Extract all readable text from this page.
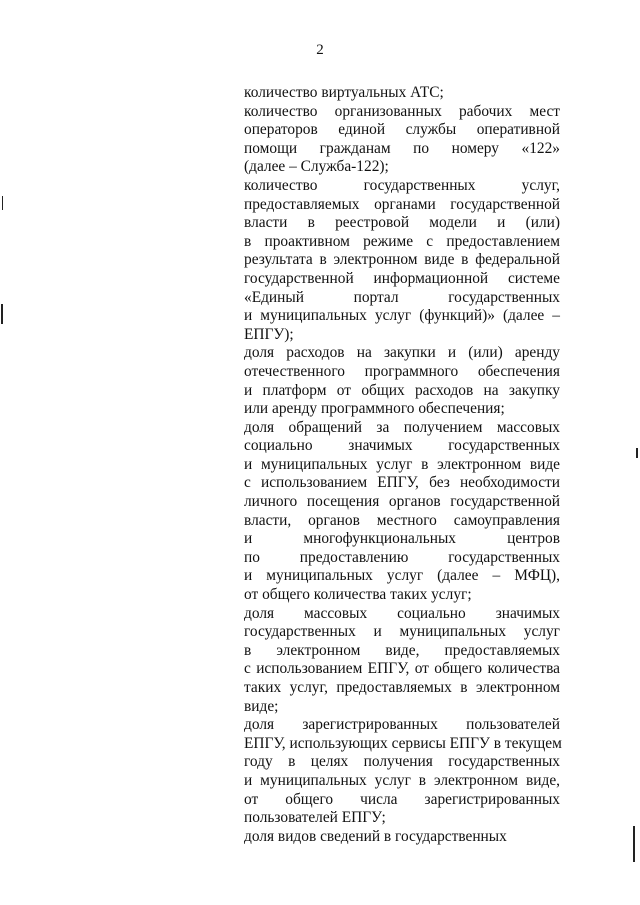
2
количество виртуальных АТС;
количество организованных рабочих мест
операторов единой службы оперативной
помощи гражданам по номеру «122»
(далее – Служба-122);
количество государственных услуг,
предоставляемых органами государственной
власти в реестровой модели и (или)
в проактивном режиме с предоставлением
результата в электронном виде в федеральной
государственной информационной системе
«Единый портал государственных
и муниципальных услуг (функций)» (далее –
ЕПГУ);
доля расходов на закупки и (или) аренду
отечественного программного обеспечения
и платформ от общих расходов на закупку
или аренду программного обеспечения;
доля обращений за получением массовых
социально значимых государственных
и муниципальных услуг в электронном виде
с использованием ЕПГУ, без необходимости
личного посещения органов государственной
власти, органов местного самоуправления
и многофункциональных центров
по предоставлению государственных
и муниципальных услуг (далее – МФЦ),
от общего количества таких услуг;
доля массовых социально значимых
государственных и муниципальных услуг
в электронном виде, предоставляемых
с использованием ЕПГУ, от общего количества
таких услуг, предоставляемых в электронном
виде;
доля зарегистрированных пользователей
ЕПГУ, использующих сервисы ЕПГУ в текущем
году в целях получения государственных
и муниципальных услуг в электронном виде,
от общего числа зарегистрированных
пользователей ЕПГУ;
доля видов сведений в государственных
